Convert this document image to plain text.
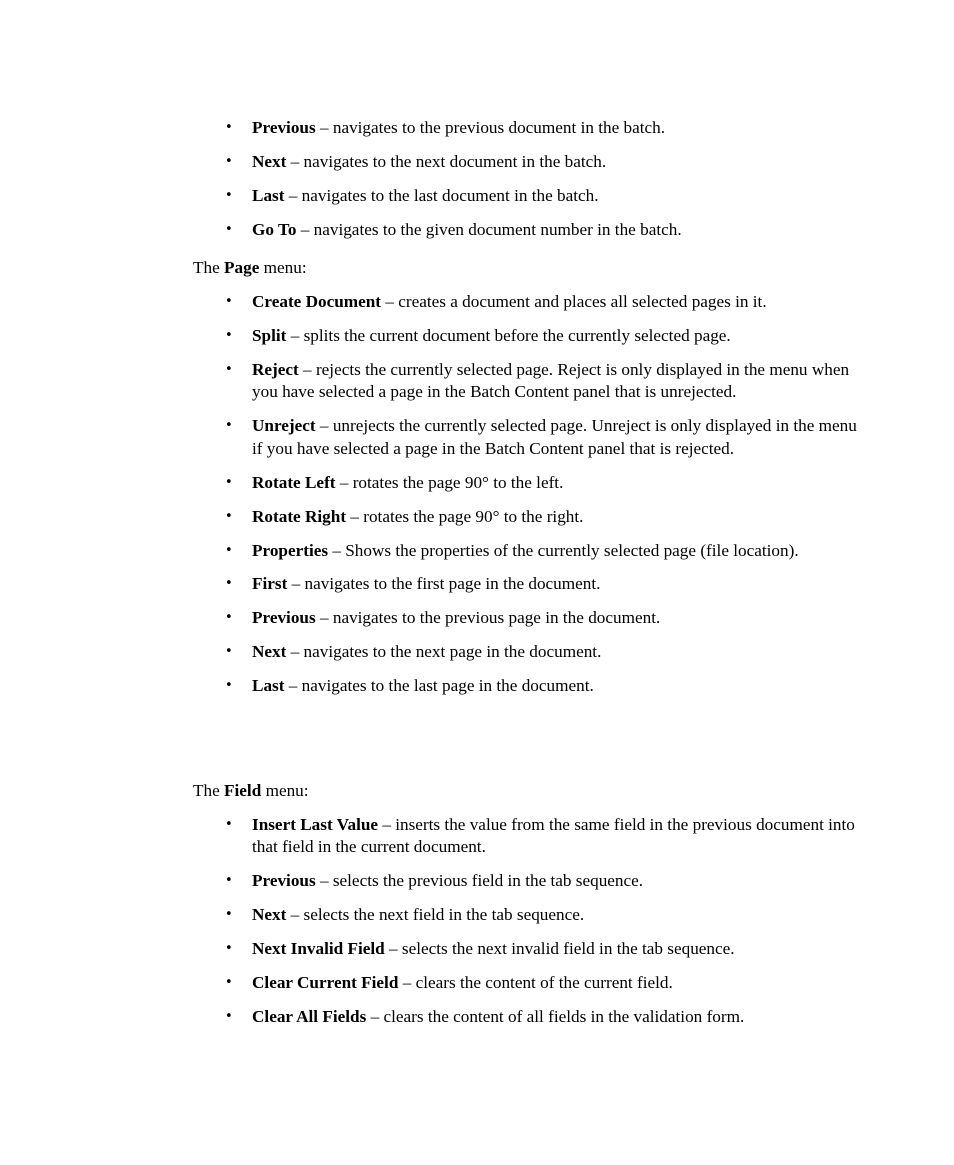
• Previous – navigates to the previous document in the batch.
• Next – navigates to the next document in the batch.
• Last – navigates to the last document in the batch.
• Go To – navigates to the given document number in the batch.

The Page menu:

• Create Document – creates a document and places all selected pages in it.
• Split – splits the current document before the currently selected page.
• Reject – rejects the currently selected page. Reject is only displayed in the menu when you have selected a page in the Batch Content panel that is unrejected.
• Unreject – unrejects the currently selected page. Unreject is only displayed in the menu if you have selected a page in the Batch Content panel that is rejected.
• Rotate Left – rotates the page 90° to the left.
• Rotate Right – rotates the page 90° to the right.
• Properties – Shows the properties of the currently selected page (file location).
• First – navigates to the first page in the document.
• Previous – navigates to the previous page in the document.
• Next – navigates to the next page in the document.
• Last – navigates to the last page in the document.

The Field menu:

• Insert Last Value – inserts the value from the same field in the previous document into that field in the current document.
• Previous – selects the previous field in the tab sequence.
• Next – selects the next field in the tab sequence.
• Next Invalid Field – selects the next invalid field in the tab sequence.
• Clear Current Field – clears the content of the current field.
• Clear All Fields – clears the content of all fields in the validation form.
